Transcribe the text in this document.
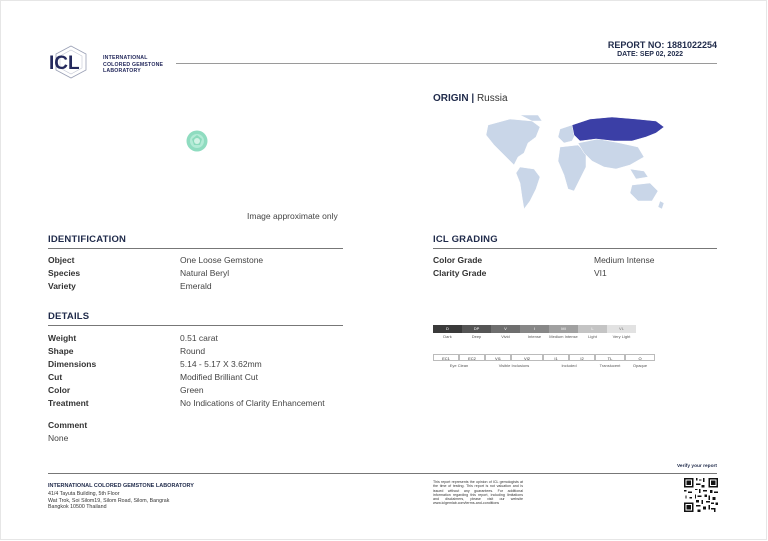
ICL	INTERNATIONAL
COLORED GEMSTONE
LABORATORY
REPORT NO: 1881022254
DATE: SEP 02, 2022
Image approximate only
ORIGIN | Russia
IDENTIFICATION
Object	One Loose Gemstone
Species	Natural Beryl
Variety	Emerald
DETAILS
Weight	0.51 carat
Shape	Round
Dimensions	5.14 - 5.17 X 3.62mm
Cut	Modified Brilliant Cut
Color	Green
Treatment	No Indications of Clarity Enhancement
Comment
None
ICL GRADING
Color Grade	Medium Intense
Clarity Grade	VI1
D	DP	V	I	MI	L	VL
Dark	Deep	Vivid	Intense	Medium Intense	Light	Very Light
EC1	EC2	VI1	VI2	I1	I2	TL	O
Eye Clean	Visible Inclusions	Included	Translucent	Opaque
Verify your report
INTERNATIONAL COLORED GEMSTONE LABORATORY
41/4 Tayuta Building, 5th Floor
Wat Trok, Soi Silom19, Silom Road, Silom, Bangrak
Bangkok 10500 Thailand
This report represents the opinion of ICL gemologists at the time of testing. This report is not valuation and is issued without any guarantees. For additional information regarding this report, including limitations and disclaimers, please visit our website www.iclgemlab.com/terms-and-conditions
